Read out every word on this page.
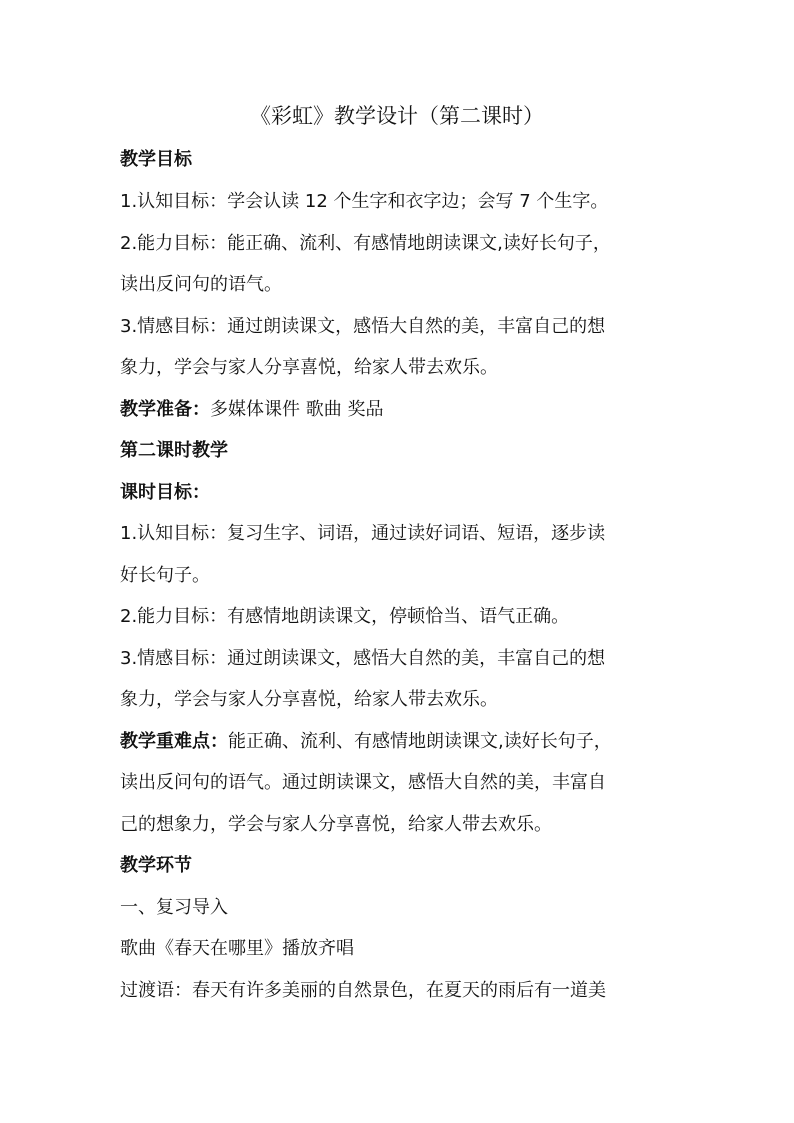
《彩虹》教学设计（第二课时）
教学目标
1.认知目标：学会认读 12 个生字和衣字边；会写 7 个生字。
2.能力目标：能正确、流利、有感情地朗读课文,读好长句子，
读出反问句的语气。
3.情感目标：通过朗读课文，感悟大自然的美，丰富自己的想
象力，学会与家人分享喜悦，给家人带去欢乐。
教学准备：多媒体课件 歌曲 奖品
第二课时教学
课时目标：
1.认知目标：复习生字、词语，通过读好词语、短语，逐步读
好长句子。
2.能力目标：有感情地朗读课文，停顿恰当、语气正确。
3.情感目标：通过朗读课文，感悟大自然的美，丰富自己的想
象力，学会与家人分享喜悦，给家人带去欢乐。
教学重难点：能正确、流利、有感情地朗读课文,读好长句子，
读出反问句的语气。通过朗读课文，感悟大自然的美，丰富自
己的想象力，学会与家人分享喜悦，给家人带去欢乐。
教学环节
一、复习导入
歌曲《春天在哪里》播放齐唱
过渡语：春天有许多美丽的自然景色，在夏天的雨后有一道美
